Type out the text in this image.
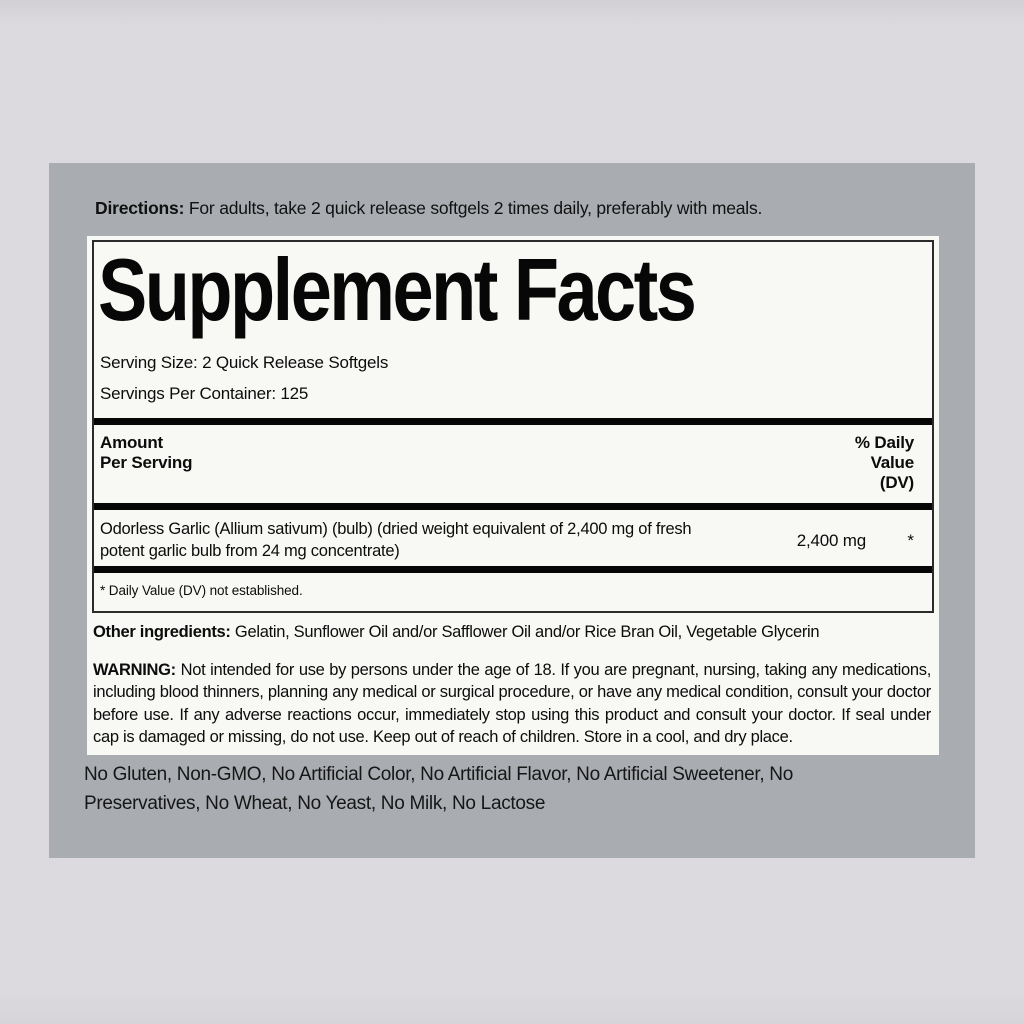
Directions: For adults, take 2 quick release softgels 2 times daily, preferably with meals.
Supplement Facts
Serving Size: 2 Quick Release Softgels
Servings Per Container: 125
Amount
Per Serving
% Daily
Value
(DV)
Odorless Garlic (Allium sativum) (bulb) (dried weight equivalent of 2,400 mg of fresh potent garlic bulb from 24 mg concentrate)
2,400 mg	*
* Daily Value (DV) not established.
Other ingredients: Gelatin, Sunflower Oil and/or Safflower Oil and/or Rice Bran Oil, Vegetable Glycerin
WARNING: Not intended for use by persons under the age of 18. If you are pregnant, nursing, taking any medications, including blood thinners, planning any medical or surgical procedure, or have any medical condition, consult your doctor before use. If any adverse reactions occur, immediately stop using this product and consult your doctor. If seal under cap is damaged or missing, do not use. Keep out of reach of children. Store in a cool, and dry place.
No Gluten, Non-GMO, No Artificial Color, No Artificial Flavor, No Artificial Sweetener, No Preservatives, No Wheat, No Yeast, No Milk, No Lactose
